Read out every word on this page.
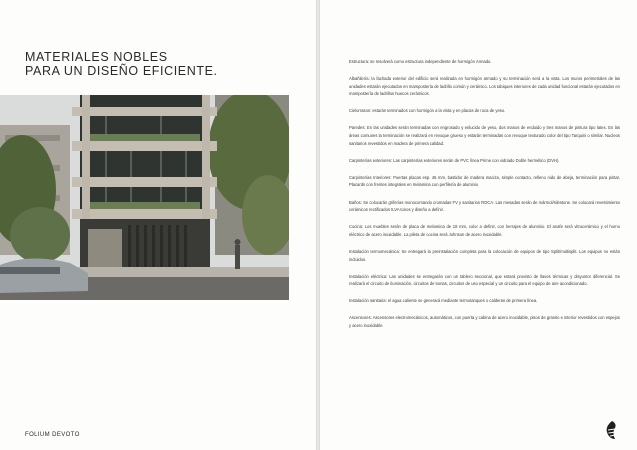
MATERIALES NOBLES
PARA UN DISEÑO EFICIENTE.
FOLIUM DEVOTO

Estructura: se resolverá como estructura independiente de hormigón Armado.

Albañilería: la fachada exterior del edificio será realizada en hormigón armado y su terminación será a la vista. Los muros perimetrales de las unidades estarán ejecutados en mampostería de ladrillo común y cerámico. Los tabiques interiores de cada unidad funcional estarán ejecutados en mampostería de ladrillos huecos cerámicos.

Cielorrasos: estarán terminados con hormigón a la vista y en placas de roca de yeso.

Paredes: En las unidades serán terminadas con engrosado y enlucido de yeso, dos manos de enduido y tres manos de pintura tipo latex. En las áreas comunes la terminación se realizará en revoque grueso y estarán terminadas con revoque texturado color del tipo Tarquini o similar. Nucleos sanitarios revestidos en madera de primera calidad.

Carpinterías exteriores: Las carpinterías exteriores serán de PVC línea Prime con vidriado Doble hermético (DVH).

Carpinterías Interiores: Puertas placas esp. 45 mm, bastidor de madera maciza, simple contacto, relleno nido de abeja, terminación para pintar. Placards con frentes integrales en melamina con perfilería de aluminio

Baños: Se colocarán griferías monocomando cromadas FV y sanitarios ROCA. Las mesadas serán de mármol/silestone. Se colocará revestimiento cerámicos rectificados ILVA tonos y diseño a definir.

Cocina: Los muebles serán de placa de melamina de 18 mm, color a definir, con herrajes de aluminio. El anafe será vitrocerámico y el horno eléctrico de acero inoxidable. La pileta de cocina será Johnson de acero inoxidable.

Instalación termomecánica: Se entregará la preinstalación completa para la colocación de equipos de tipo Split/multisplit. Los equipos no están incluidos.

Instalación eléctrica: Las unidades se entregarán con un tablero seccional, que estará provisto de llaves térmicas y disyuntor diferencial. Se realizará el circuito de iluminación, circuitos de tomas, circuitos de uso especial y un circuito para el equipo de aire acondicionado.

Instalación sanitaria: el agua caliente se generará mediante termotanques o calderas de primera línea.

Ascensores: Ascensores electromecánicos, automáticos, con puerta y cabina de acero inoxidable, pisos de granito e interior revestidos con espejos y acero inoxidable.
